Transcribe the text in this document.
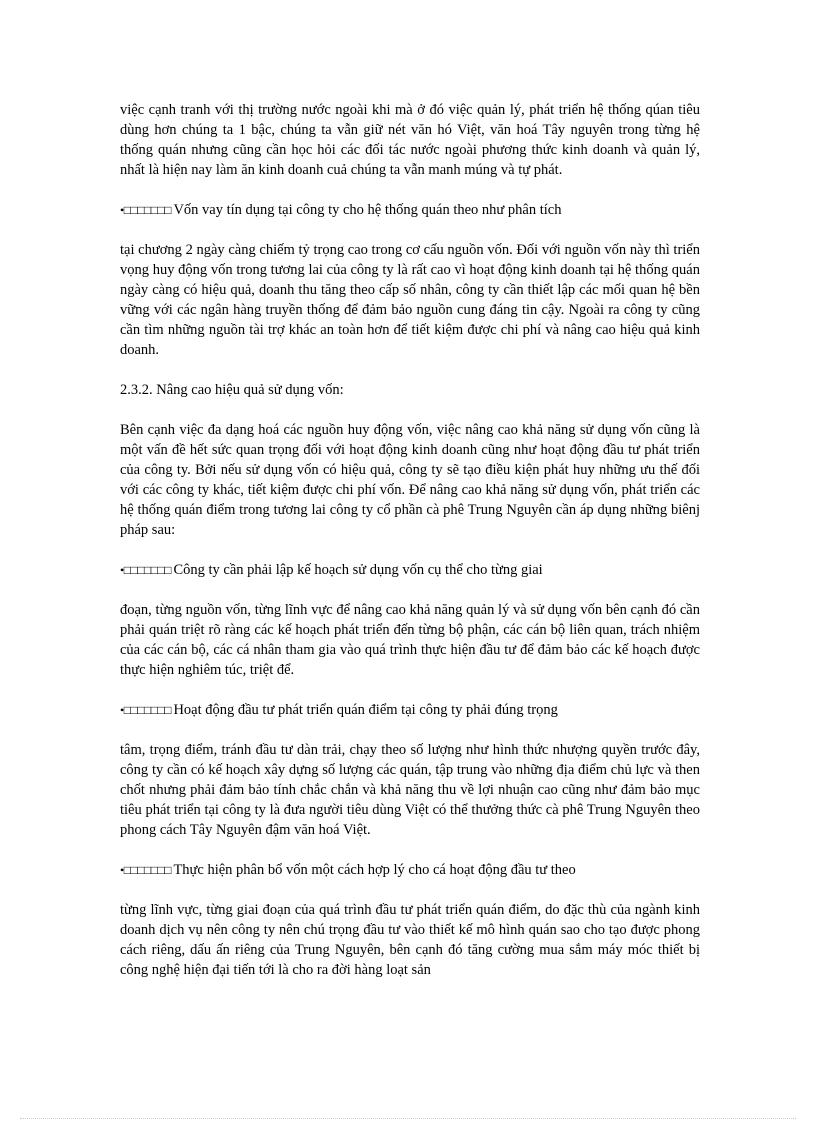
việc cạnh tranh với thị trường nước ngoài khi mà ở đó việc quản lý, phát triển hệ thống qúan tiêu dùng hơn chúng ta 1 bậc, chúng ta vẫn giữ nét văn hó Việt, văn hoá Tây nguyên trong từng hệ thống quán nhưng cũng cần học hỏi các đối tác nước ngoài phương thức kinh doanh và quản lý, nhất là hiện nay làm ăn kinh doanh cuả chúng ta vẫn manh múng và tự phát.

•□□□□□□□ Vốn vay tín dụng tại công ty cho hệ thống quán theo như phân tích

tại chương 2 ngày càng chiếm tỷ trọng cao trong cơ cấu nguồn vốn. Đối với nguồn vốn này thì triển vọng huy động vốn trong tương lai của công ty là rất cao vì hoạt động kinh doanh tại hệ thống quán ngày càng có hiệu quả, doanh thu tăng theo cấp số nhân, công ty cần thiết lập các mối quan hệ bền vững với các ngân hàng truyền thống để đảm bảo nguồn cung đáng tin cậy. Ngoài ra công ty cũng cần tìm những nguồn tài trợ khác an toàn hơn để tiết kiệm được chi phí và nâng cao hiệu quả kinh doanh.

2.3.2. Nâng cao hiệu quả sử dụng vốn:

Bên cạnh việc đa dạng hoá các nguồn huy động vốn, việc nâng cao khả năng sử dụng vốn cũng là một vấn đề hết sức quan trọng đối với hoạt động kinh doanh cũng như hoạt động đầu tư phát triển của công ty. Bởi nếu sử dụng vốn có hiệu quả, công ty sẽ tạo điều kiện phát huy những ưu thế đối với các công ty khác, tiết kiệm được chi phí vốn. Để nâng cao khả năng sử dụng vốn, phát triển các hệ thống quán điểm trong tương lai công ty cổ phần cà phê Trung Nguyên cần áp dụng những biênj pháp sau:

•□□□□□□□ Công ty cần phải lập kế hoạch sử dụng vốn cụ thể cho từng giai

đoạn, từng nguồn vốn, từng lĩnh vực để nâng cao khả năng quản lý và sử dụng vốn bên cạnh đó cần phải quán triệt rõ ràng các kế hoạch phát triển đến từng bộ phận, các cán bộ liên quan, trách nhiệm của các cán bộ, các cá nhân tham gia vào quá trình thực hiện đầu tư để đảm bảo các kế hoạch được thực hiện nghiêm túc, triệt để.

•□□□□□□□ Hoạt động đầu tư phát triển quán điểm tại công ty phải đúng trọng

tâm, trọng điểm, tránh đầu tư dàn trải, chạy theo số lượng như hình thức nhượng quyền trước đây, công ty cần có kế hoạch xây dựng số lượng các quán, tập trung vào những địa điểm chủ lực và then chốt nhưng phải đảm bảo tính chắc chắn và khả năng thu về lợi nhuận cao cũng như đảm bảo mục tiêu phát triển tại công ty là đưa người tiêu dùng Việt có thể thưởng thức cà phê Trung Nguyên theo phong cách Tây Nguyên đậm văn hoá Việt.

•□□□□□□□ Thực hiện phân bổ vốn một cách hợp lý cho cá hoạt động đầu tư theo

từng lĩnh vực, từng giai đoạn của quá trình đầu tư phát triển quán điểm, do đặc thù của ngành kinh doanh dịch vụ nên công ty nên chú trọng đầu tư vào thiết kế mô hình quán sao cho tạo được phong cách riêng, dấu ấn riêng của Trung Nguyên, bên cạnh đó tăng cường mua sắm máy móc thiết bị công nghệ hiện đại tiến tới là cho ra đời hàng loạt sản
